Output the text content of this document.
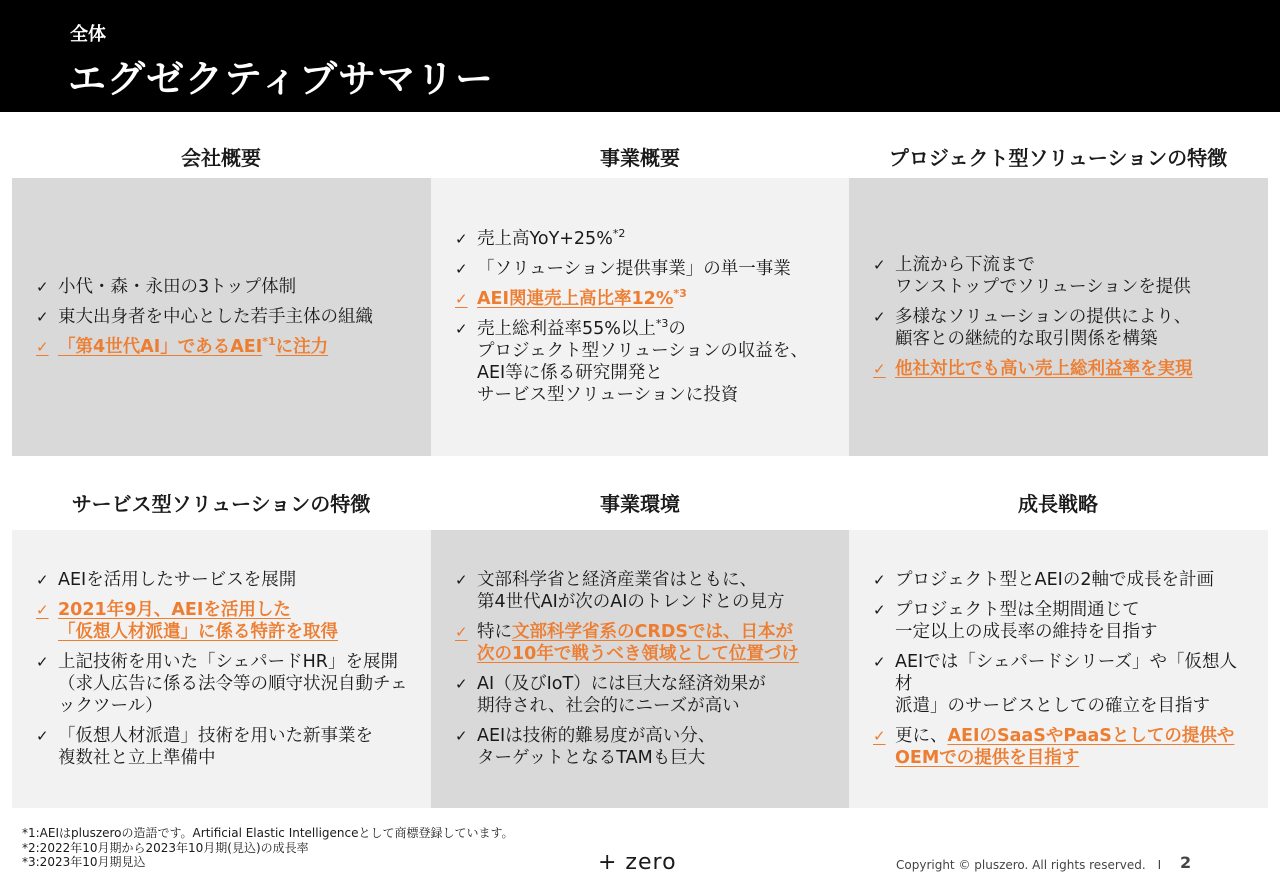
全体
エグゼクティブサマリー
会社概要
✓ 小代・森・永田の3トップ体制
✓ 東大出身者を中心とした若手主体の組織
✓ 「第4世代AI」であるAEI$^{*1}$に注力
事業概要
✓ 売上高YoY+25%$^{*2}$
✓ 「ソリューション提供事業」の単一事業
✓ AEI関連売上高比率12%$^{*3}$
✓ 売上総利益率55%以上$^{*3}$の
プロジェクト型ソリューションの収益を、
AEI等に係る研究開発と
サービス型ソリューションに投資
プロジェクト型ソリューションの特徴
✓ 上流から下流まで
ワンストップでソリューションを提供
✓ 多様なソリューションの提供により、
顧客との継続的な取引関係を構築
✓ 他社対比でも高い売上総利益率を実現
サービス型ソリューションの特徴
✓ AEIを活用したサービスを展開
✓ 2021年9月、AEIを活用した
「仮想人材派遣」に係る特許を取得
✓ 上記技術を用いた「シェパードHR」を展開
（求人広告に係る法令等の順守状況自動チェックツール）
✓ 「仮想人材派遣」技術を用いた新事業を
複数社と立上準備中
事業環境
✓ 文部科学省と経済産業省はともに、
第4世代AIが次のAIのトレンドとの見方
✓ 特に文部科学省系のCRDSでは、日本が
次の10年で戦うべき領域として位置づけ
✓ AI（及びIoT）には巨大な経済効果が
期待され、社会的にニーズが高い
✓ AEIは技術的難易度が高い分、
ターゲットとなるTAMも巨大
成長戦略
✓ プロジェクト型とAEIの2軸で成長を計画
✓ プロジェクト型は全期間通じて
一定以上の成長率の維持を目指す
✓ AEIでは「シェパードシリーズ」や「仮想人材
派遣」のサービスとしての確立を目指す
✓ 更に、AEIのSaaSやPaaSとしての提供や
OEMでの提供を目指す
*1:AEIはpluszeroの造語です。Artificial Elastic Intelligenceとして商標登録しています。
*2:2022年10月期から2023年10月期(見込)の成長率
*3:2023年10月期見込	+ zero	Copyright © pluszero. All rights reserved.　I 2
